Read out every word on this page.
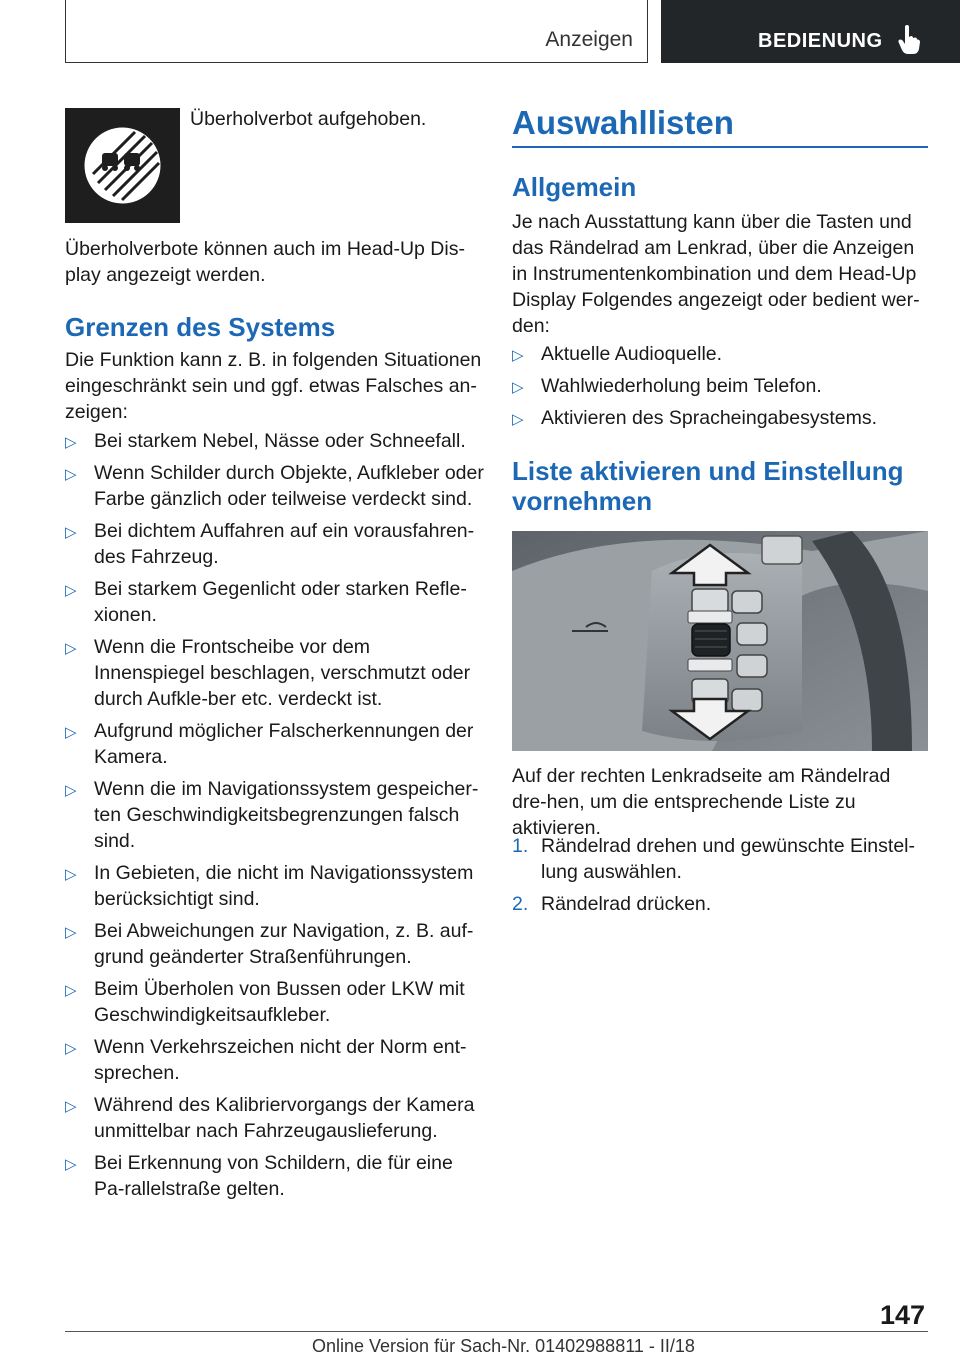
Anzeigen	BEDIENUNG

Überholverbot aufgehoben.

Überholverbote können auch im Head-Up Dis-play angezeigt werden.

Grenzen des Systems

Die Funktion kann z. B. in folgenden Situationen eingeschränkt sein und ggf. etwas Falsches an-zeigen:

▷ Bei starkem Nebel, Nässe oder Schneefall.
▷ Wenn Schilder durch Objekte, Aufkleber oder Farbe gänzlich oder teilweise verdeckt sind.
▷ Bei dichtem Auffahren auf ein vorausfahren-des Fahrzeug.
▷ Bei starkem Gegenlicht oder starken Refle-xionen.
▷ Wenn die Frontscheibe vor dem Innenspiegel beschlagen, verschmutzt oder durch Aufkle-ber etc. verdeckt ist.
▷ Aufgrund möglicher Falscherkennungen der Kamera.
▷ Wenn die im Navigationssystem gespeicher-ten Geschwindigkeitsbegrenzungen falsch sind.
▷ In Gebieten, die nicht im Navigationssystem berücksichtigt sind.
▷ Bei Abweichungen zur Navigation, z. B. auf-grund geänderter Straßenführungen.
▷ Beim Überholen von Bussen oder LKW mit Geschwindigkeitsaufkleber.
▷ Wenn Verkehrszeichen nicht der Norm ent-sprechen.
▷ Während des Kalibriervorgangs der Kamera unmittelbar nach Fahrzeugauslieferung.
▷ Bei Erkennung von Schildern, die für eine Pa-rallelstraße gelten.
Auswahllisten
Allgemein

Je nach Ausstattung kann über die Tasten und das Rändelrad am Lenkrad, über die Anzeigen in Instrumentenkombination und dem Head-Up Display Folgendes angezeigt oder bedient wer-den:

▷ Aktuelle Audioquelle.
▷ Wahlwiederholung beim Telefon.
▷ Aktivieren des Spracheingabesystems.
Liste aktivieren und Einstellung vornehmen

Auf der rechten Lenkradseite am Rändelrad dre-hen, um die entsprechende Liste zu aktivieren.

1. Rändelrad drehen und gewünschte Einstel-lung auswählen.
2. Rändelrad drücken.
147
Online Version für Sach-Nr. 01402988811 - II/18
